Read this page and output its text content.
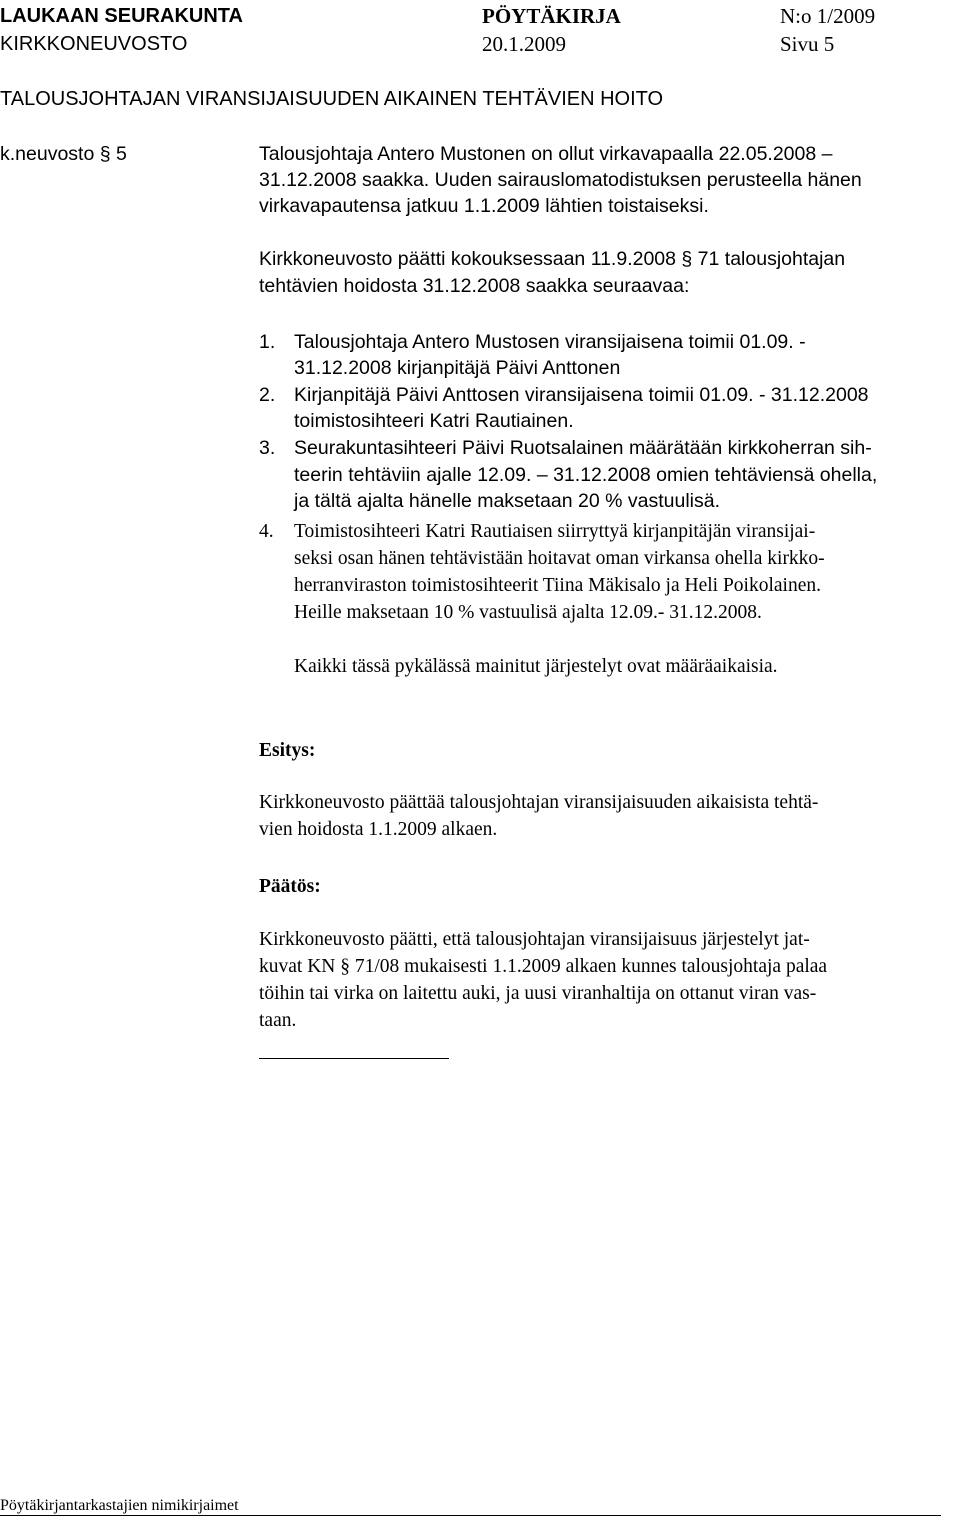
LAUKAAN SEURAKUNTA	PÖYTÄKIRJA	N:o 1/2009
KIRKKONEUVOSTO	20.1.2009	Sivu 5
TALOUSJOHTAJAN VIRANSIJAISUUDEN AIKAINEN TEHTÄVIEN HOITO
k.neuvosto § 5	Talousjohtaja Antero Mustonen on ollut virkavapaalla 22.05.2008 –
31.12.2008 saakka. Uuden sairauslomatodistuksen perusteella hänen
virkavapautensa jatkuu 1.1.2009 lähtien toistaiseksi.
Kirkkoneuvosto päätti kokouksessaan 11.9.2008 § 71 talousjohtajan
tehtävien hoidosta 31.12.2008 saakka seuraavaa:
1. Talousjohtaja Antero Mustosen viransijaisena toimii 01.09. -
31.12.2008 kirjanpitäjä Päivi Anttonen
2. Kirjanpitäjä Päivi Anttosen viransijaisena toimii 01.09. - 31.12.2008
toimistosihteeri Katri Rautiainen.
3. Seurakuntasihteeri Päivi Ruotsalainen määrätään kirkkoherran sih-
teerin tehtäviin ajalle 12.09. – 31.12.2008 omien tehtäviensä ohella,
ja tältä ajalta hänelle maksetaan 20 % vastuulisä.
4. Toimistosihteeri Katri Rautiaisen siirryttyä kirjanpitäjän viransijai-
seksi osan hänen tehtävistään hoitavat oman virkansa ohella kirkko-
herranviraston toimistosihteerit Tiina Mäkisalo ja Heli Poikolainen.
Heille maksetaan 10 % vastuulisä ajalta 12.09.- 31.12.2008.
Kaikki tässä pykälässä mainitut järjestelyt ovat määräaikaisia.
Esitys:
Kirkkoneuvosto päättää talousjohtajan viransijaisuuden aikaisista tehtä-
vien hoidosta 1.1.2009 alkaen.
Päätös:
Kirkkoneuvosto päätti, että talousjohtajan viransijaisuus järjestelyt jat-
kuvat KN § 71/08 mukaisesti 1.1.2009 alkaen kunnes talousjohtaja palaa
töihin tai virka on laitettu auki, ja uusi viranhaltija on ottanut viran vas-
taan.
Pöytäkirjantarkastajien nimikirjaimet
